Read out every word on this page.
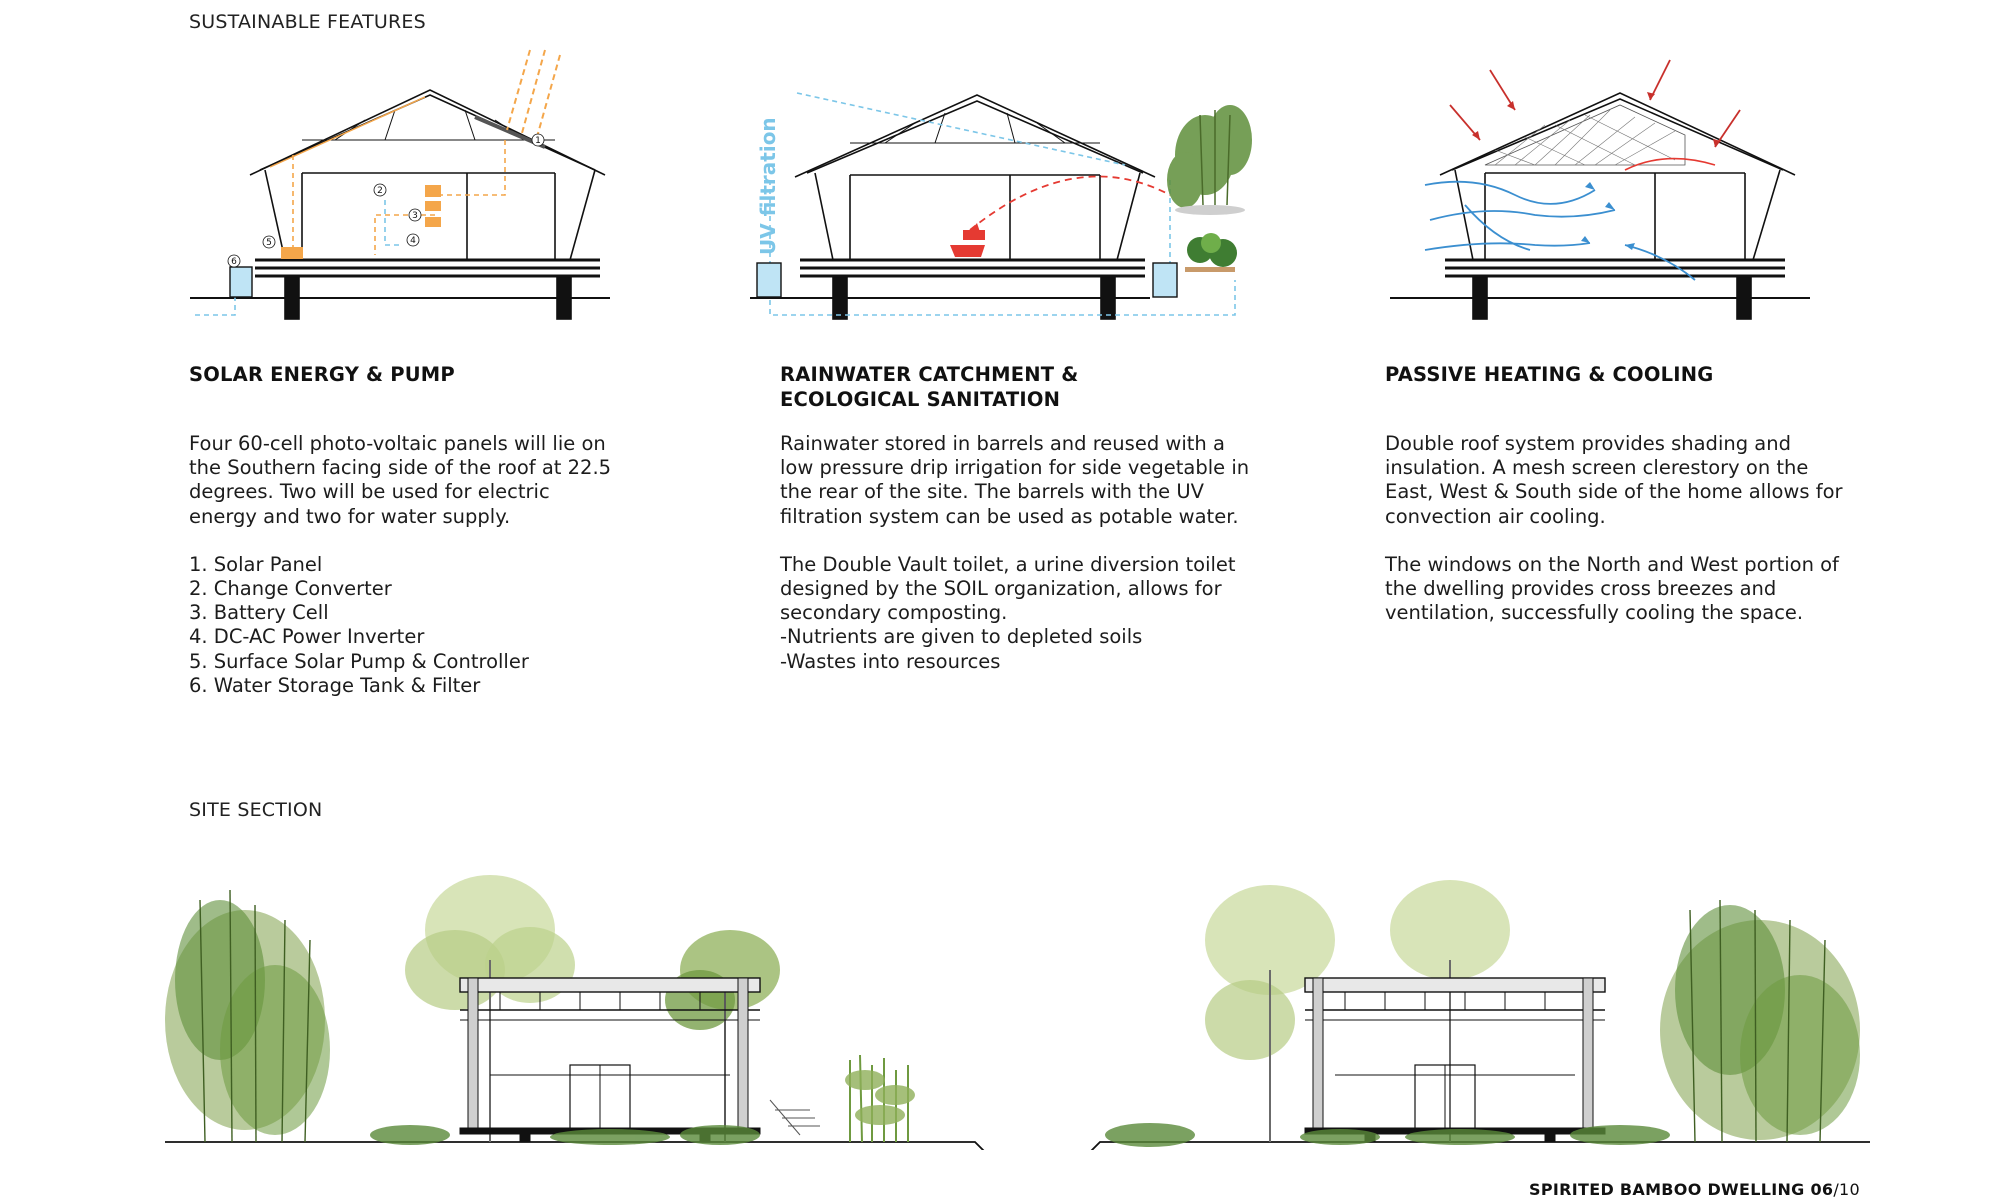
SUSTAINABLE FEATURES
SITE SECTION
1
2
3
4
5
6
UV filtration
SOLAR ENERGY & PUMP

Four 60-cell photo-voltaic panels will lie on
the Southern facing side of the roof at 22.5
degrees. Two will be used for electric
energy and two for water supply.

1. Solar Panel
2. Change Converter
3. Battery Cell
4. DC-AC Power Inverter
5. Surface Solar Pump & Controller
6. Water Storage Tank & Filter

RAINWATER CATCHMENT &
ECOLOGICAL SANITATION

Rainwater stored in barrels and reused with a
low pressure drip irrigation for side vegetable in
the rear of the site. The barrels with the UV
filtration system can be used as potable water.

The Double Vault toilet, a urine diversion toilet
designed by the SOIL organization, allows for
secondary composting.
-Nutrients are given to depleted soils
-Wastes into resources

PASSIVE HEATING & COOLING

Double roof system provides shading and
insulation. A mesh screen clerestory on the
East, West & South side of the home allows for
convection air cooling.

The windows on the North and West portion of
the dwelling provides cross breezes and
ventilation, successfully cooling the space.

SPIRITED BAMBOO DWELLING 06/10
